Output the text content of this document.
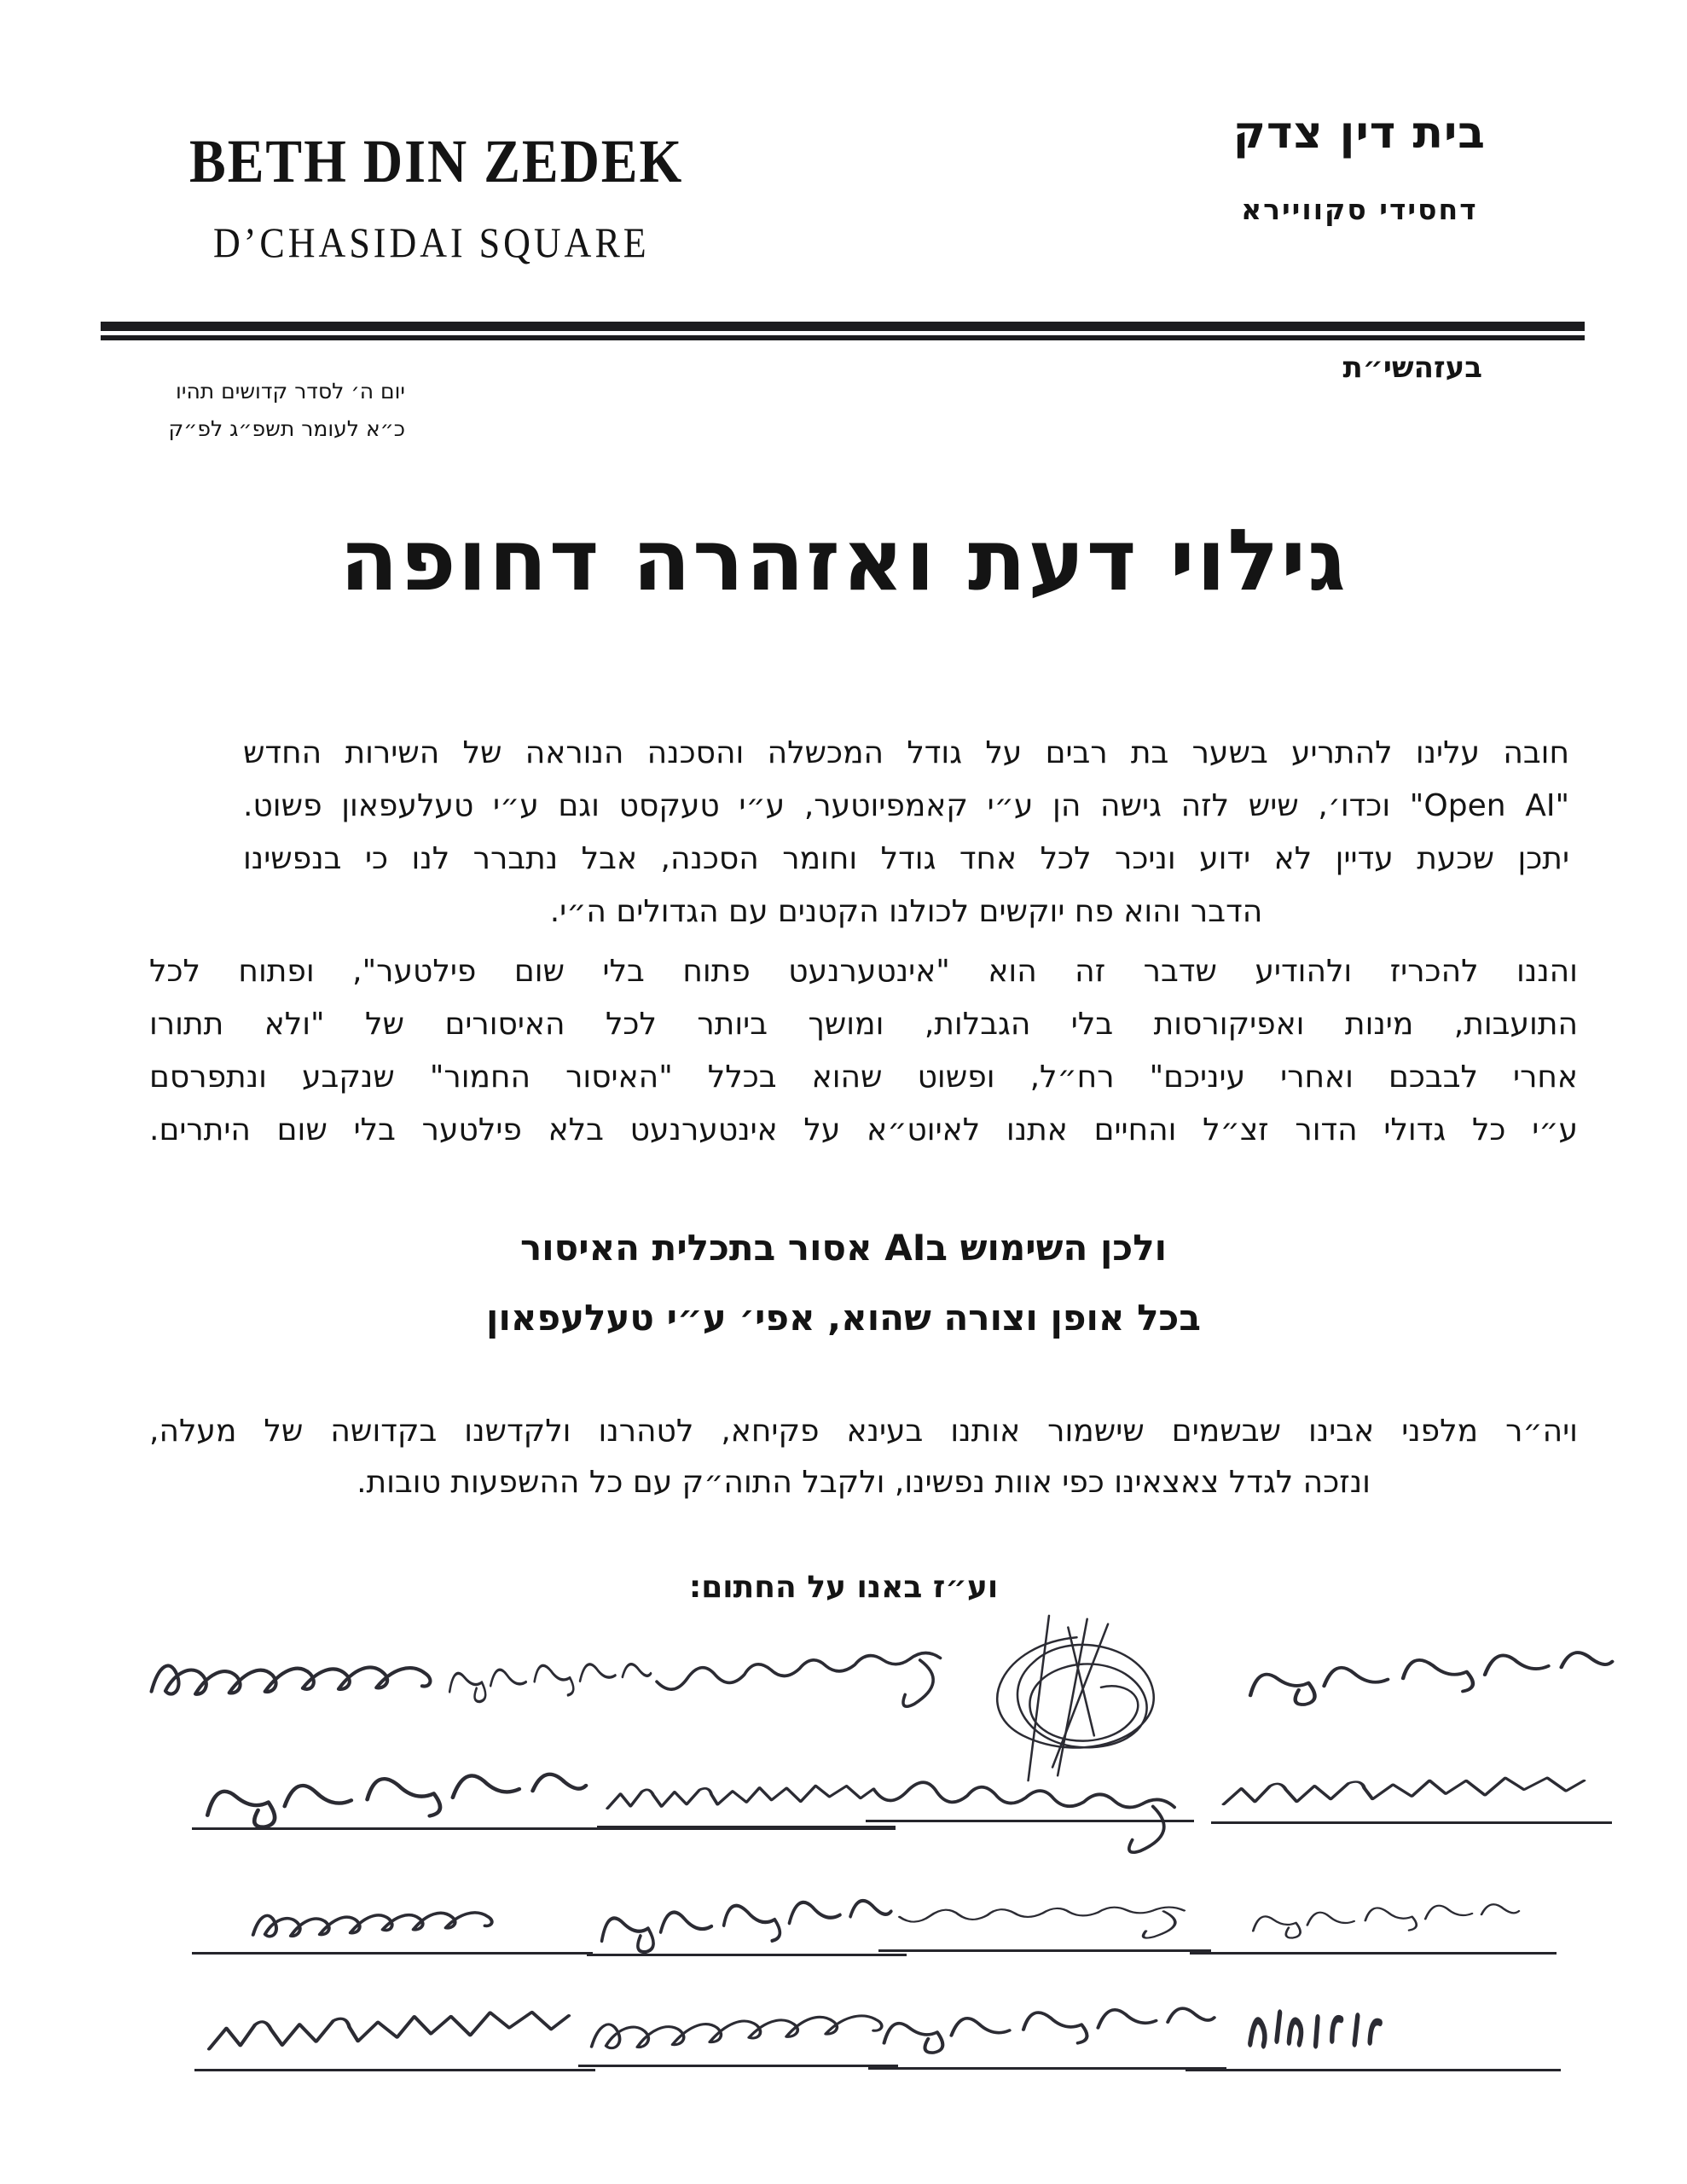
BETH DIN ZEDEK
D’CHASIDAI SQUARE
בית דין צדק
דחסידי סקוויירא
בעזהשי״ת
יום ה׳ לסדר קדושים תהיו
כ״א לעומר תשפ״ג לפ״ק
גילוי דעת ואזהרה דחופה
חובה עלינו להתריע בשער בת רבים על גודל המכשלה והסכנה הנוראה של השירות החדש
"Open AI" וכדו׳, שיש לזה גישה הן ע״י קאמפיוטער, ע״י טעקסט וגם ע״י טעלעפאון פשוט.
יתכן שכעת עדיין לא ידוע וניכר לכל אחד גודל וחומר הסכנה, אבל נתברר לנו כי בנפשינו
הדבר והוא פח יוקשים לכולנו הקטנים עם הגדולים ה״י.
והננו להכריז ולהודיע שדבר זה הוא "אינטערנעט פתוח בלי שום פילטער", ופתוח לכל
התועבות, מינות ואפיקורסות בלי הגבלות, ומושך ביותר לכל האיסורים של "ולא תתורו
אחרי לבבכם ואחרי עיניכם" רח״ל, ופשוט שהוא בכלל "האיסור החמור" שנקבע ונתפרסם
ע״י כל גדולי הדור זצ״ל והחיים אתנו לאיוט״א על אינטערנעט בלא פילטער בלי שום היתרים.
ולכן השימוש בAI אסור בתכלית האיסור
בכל אופן וצורה שהוא, אפי׳ ע״י טעלעפאון
ויה״ר מלפני אבינו שבשמים שישמור אותנו בעינא פקיחא, לטהרנו ולקדשנו בקדושה של מעלה,
ונזכה לגדל צאצאינו כפי אוות נפשינו, ולקבל התוה״ק עם כל ההשפעות טובות.
וע״ז באנו על החתום:
